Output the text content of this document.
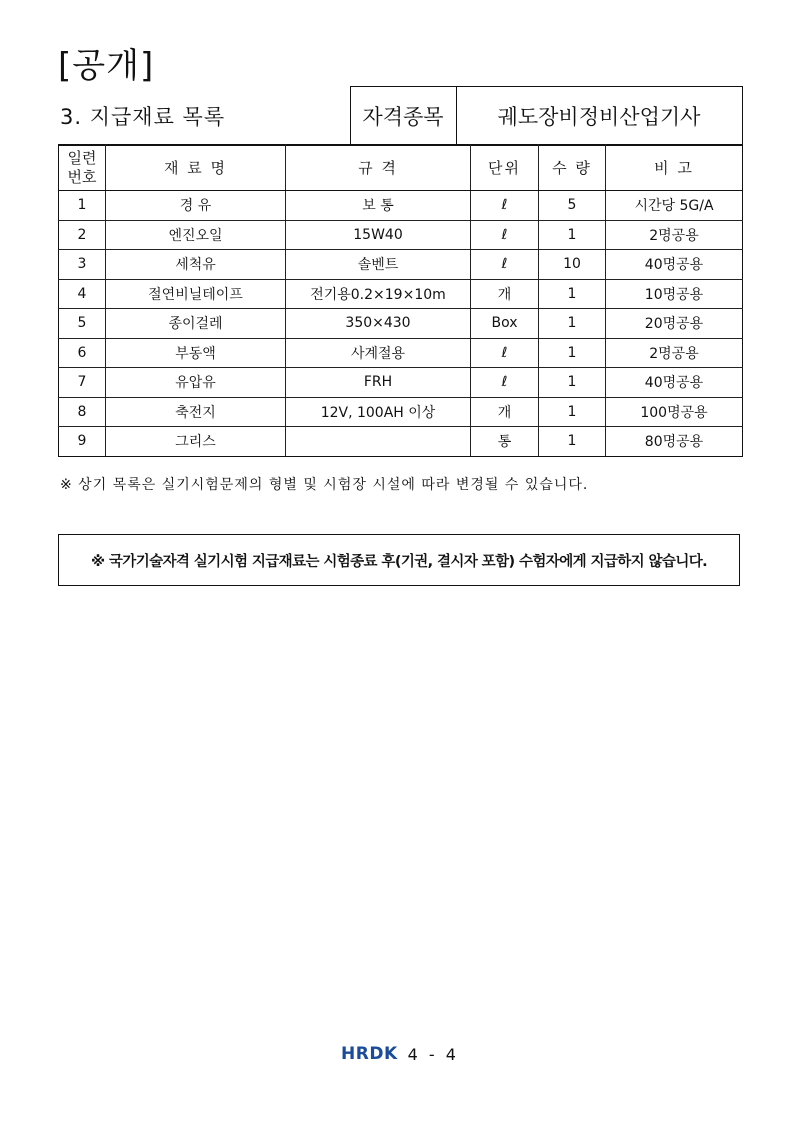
[공개]
3. 지급재료 목록	자격종목	궤도장비정비산업기사
일련
번호	재 료 명	규 격	단위	수 량	비 고
1	경 유	보 통	ℓ	5	시간당 5G/A
2	엔진오일	15W40	ℓ	1	2명공용
3	세척유	솔벤트	ℓ	10	40명공용
4	절연비닐테이프	전기용0.2×19×10m	개	1	10명공용
5	종이걸레	350×430	Box	1	20명공용
6	부동액	사계절용	ℓ	1	2명공용
7	유압유	FRH	ℓ	1	40명공용
8	축전지	12V, 100AH 이상	개	1	100명공용
9	그리스		통	1	80명공용
※ 상기 목록은 실기시험문제의 형별 및 시험장 시설에 따라 변경될 수 있습니다.
※ 국가기술자격 실기시험 지급재료는 시험종료 후(기권, 결시자 포함) 수험자에게 지급하지 않습니다.
HRDK 4 - 4
